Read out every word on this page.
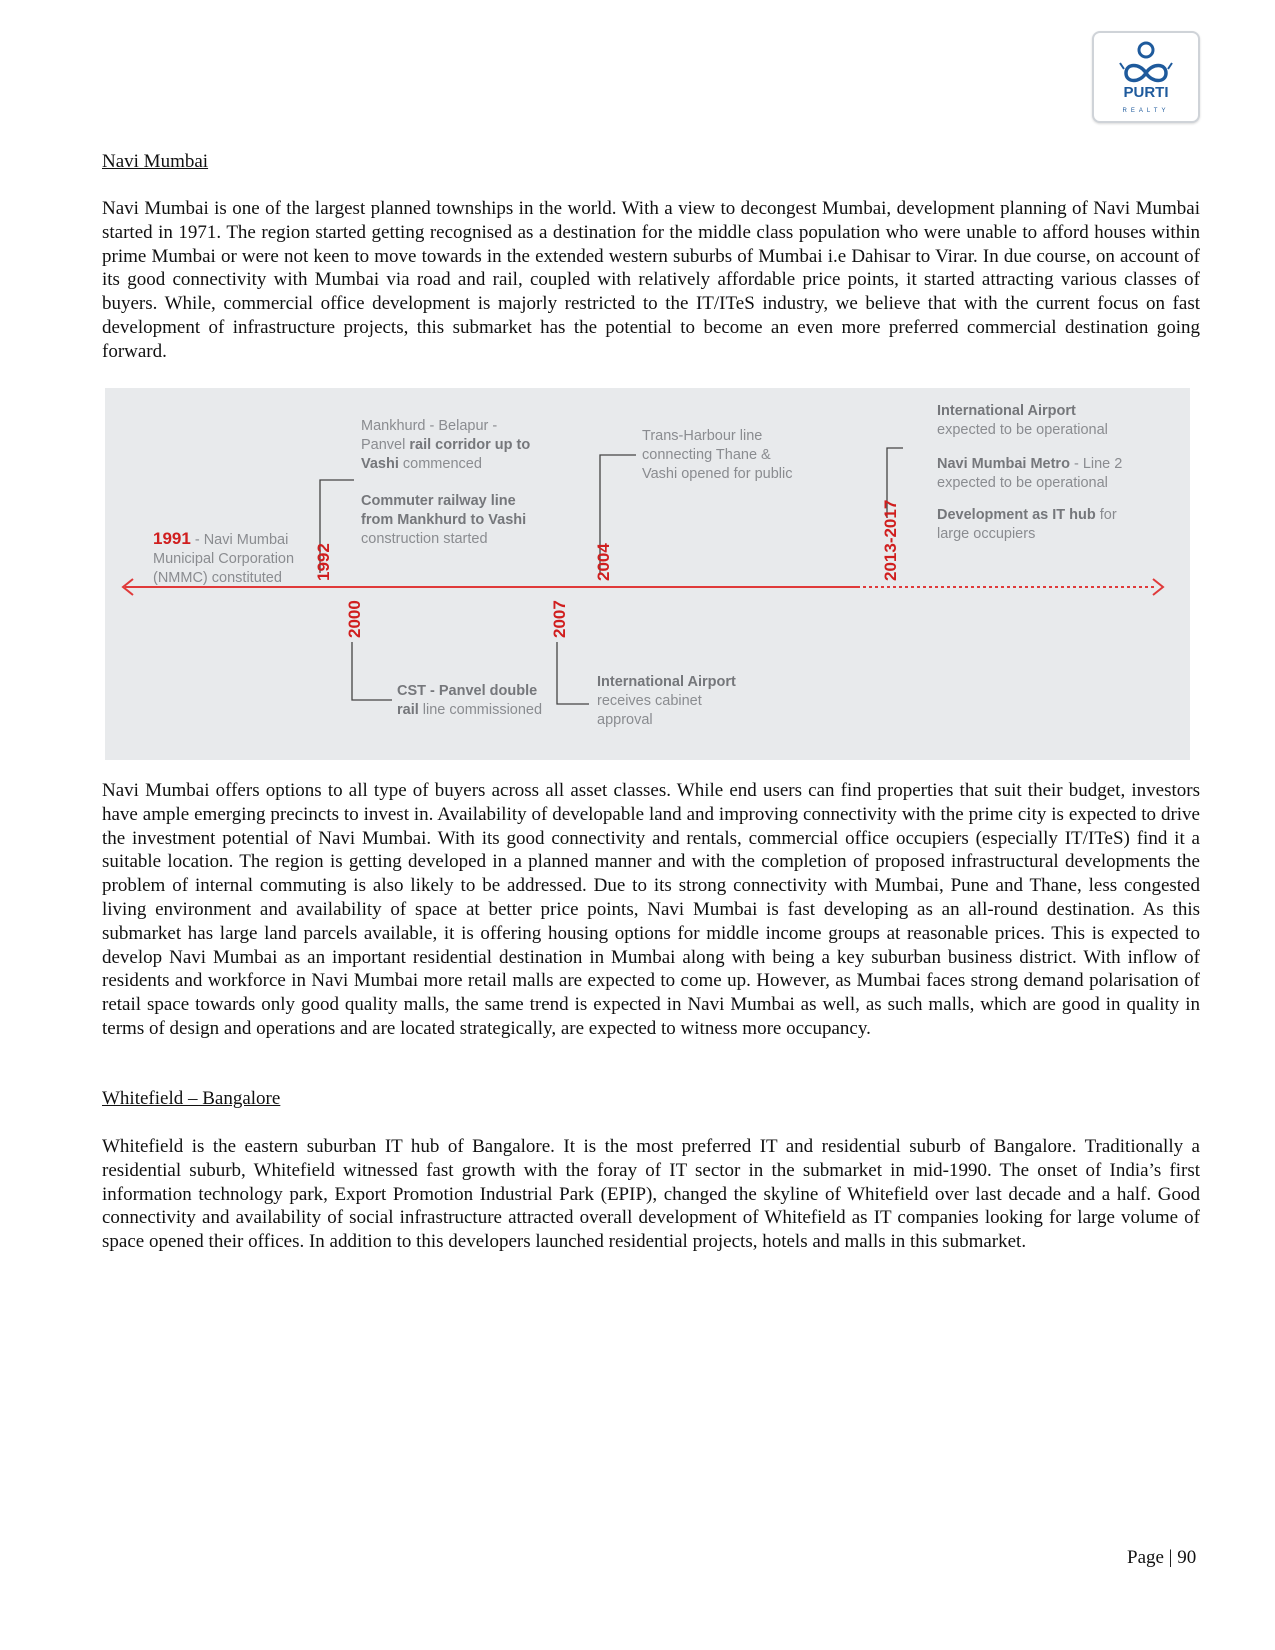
PURTI
REALTY
Navi Mumbai

Navi Mumbai is one of the largest planned townships in the world. With a view to decongest Mumbai, development planning of Navi Mumbai started in 1971. The region started getting recognised as a destination for the middle class population who were unable to afford houses within prime Mumbai or were not keen to move towards in the extended western suburbs of Mumbai i.e Dahisar to Virar. In due course, on account of its good connectivity with Mumbai via road and rail, coupled with relatively affordable price points, it started attracting various classes of buyers. While, commercial office development is majorly restricted to the IT/ITeS industry, we believe that with the current focus on fast development of infrastructure projects, this submarket has the potential to become an even more preferred commercial destination going forward.

1991 - Navi Mumbai
Municipal Corporation
(NMMC) constituted 1992
Mankhurd - Belapur -
Panvel rail corridor up to
Vashi commenced
Commuter railway line
from Mankhurd to Vashi
construction started
2000
CST - Panvel double
rail line commissioned
2004
Trans-Harbour line
connecting Thane &
Vashi opened for public
2007
International Airport
receives cabinet
approval
2013-2017
International Airport
expected to be operational
Navi Mumbai Metro - Line 2
expected to be operational
Development as IT hub for
large occupiers

Navi Mumbai offers options to all type of buyers across all asset classes. While end users can find properties that suit their budget, investors have ample emerging precincts to invest in. Availability of developable land and improving connectivity with the prime city is expected to drive the investment potential of Navi Mumbai. With its good connectivity and rentals, commercial office occupiers (especially IT/ITeS) find it a suitable location. The region is getting developed in a planned manner and with the completion of proposed infrastructural developments the problem of internal commuting is also likely to be addressed. Due to its strong connectivity with Mumbai, Pune and Thane, less congested living environment and availability of space at better price points, Navi Mumbai is fast developing as an all-round destination. As this submarket has large land parcels available, it is offering housing options for middle income groups at reasonable prices. This is expected to develop Navi Mumbai as an important residential destination in Mumbai along with being a key suburban business district. With inflow of residents and workforce in Navi Mumbai more retail malls are expected to come up. However, as Mumbai faces strong demand polarisation of retail space towards only good quality malls, the same trend is expected in Navi Mumbai as well, as such malls, which are good in quality in terms of design and operations and are located strategically, are expected to witness more occupancy.

Whitefield – Bangalore

Whitefield is the eastern suburban IT hub of Bangalore. It is the most preferred IT and residential suburb of Bangalore. Traditionally a residential suburb, Whitefield witnessed fast growth with the foray of IT sector in the submarket in mid-1990. The onset of India’s first information technology park, Export Promotion Industrial Park (EPIP), changed the skyline of Whitefield over last decade and a half. Good connectivity and availability of social infrastructure attracted overall development of Whitefield as IT companies looking for large volume of space opened their offices. In addition to this developers launched residential projects, hotels and malls in this submarket.

Page | 90
